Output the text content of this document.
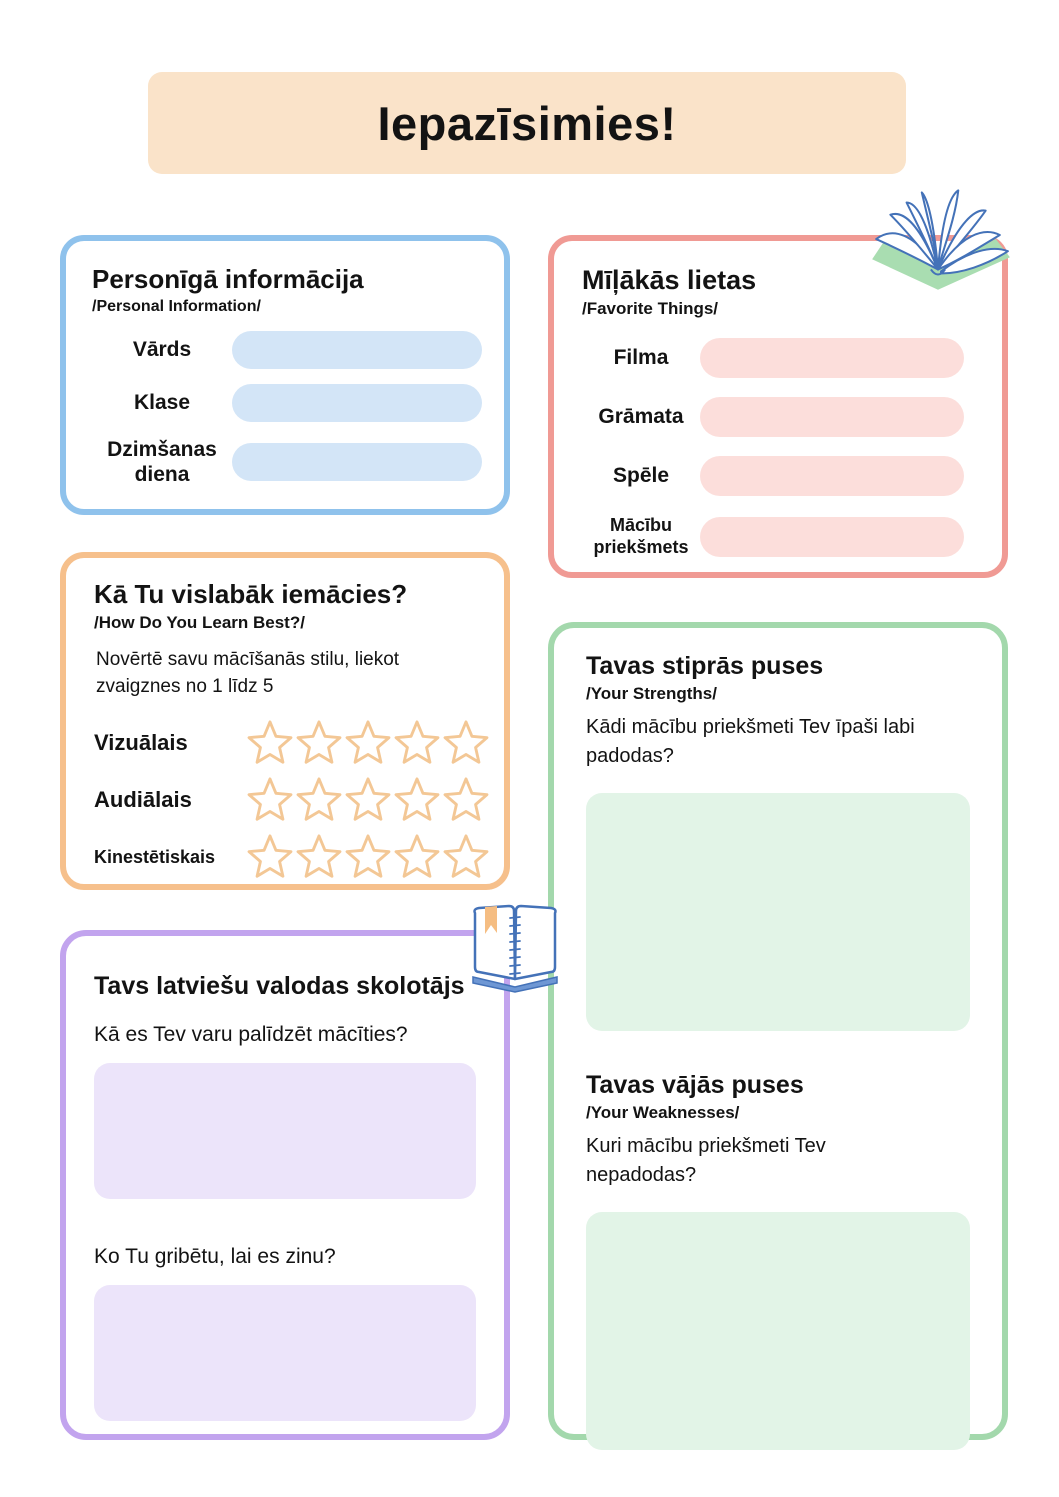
Iepazīsimies!
Personīgā informācija

/Personal Information/

Vārds
Klase
Dzimšanas diena
Mīļākās lietas

/Favorite Things/

Filma
Grāmata
Spēle
Mācību priekšmets
Kā Tu vislabāk iemācies?

/How Do You Learn Best?/

Novērtē savu mācīšanās stilu, liekot zvaigznes no 1 līdz 5

Vizuālais
Audiālais
Kinestētiskais
Tavs latviešu valodas skolotājs

Kā es Tev varu palīdzēt mācīties?

Ko Tu gribētu, lai es zinu?

Tavas stiprās puses

/Your Strengths/

Kādi mācību priekšmeti Tev īpaši labi padodas?

Tavas vājās puses

/Your Weaknesses/

Kuri mācību priekšmeti Tev nepadodas?
